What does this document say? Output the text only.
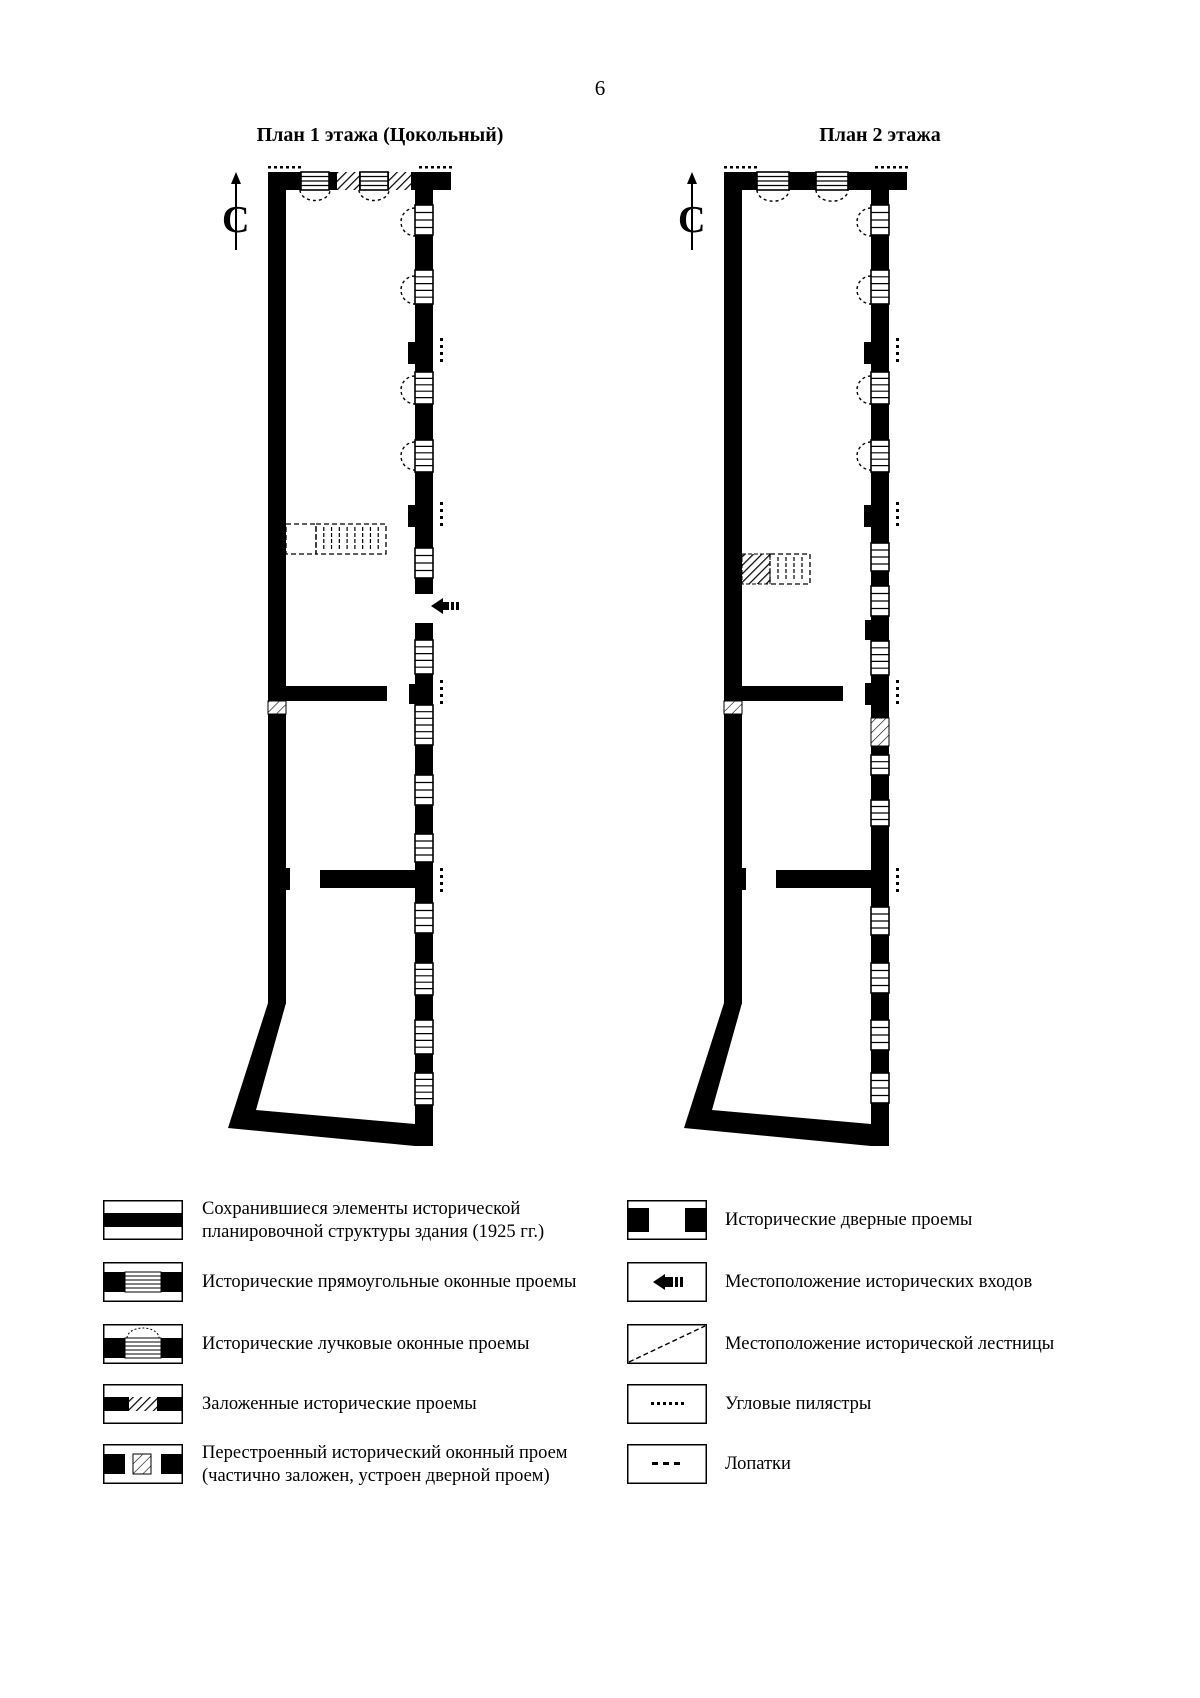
6
План 1 этажа (Цокольный)	План 2 этажа
С	С
Сохранившиеся элементы исторической
планировочной структуры здания (1925 гг.)
Исторические прямоугольные оконные проемы
Исторические лучковые оконные проемы
Заложенные исторические проемы
Перестроенный исторический оконный проем
(частично заложен, устроен дверной проем)
Исторические дверные проемы
Местоположение исторических входов
Местоположение исторической лестницы
Угловые пилястры
Лопатки
